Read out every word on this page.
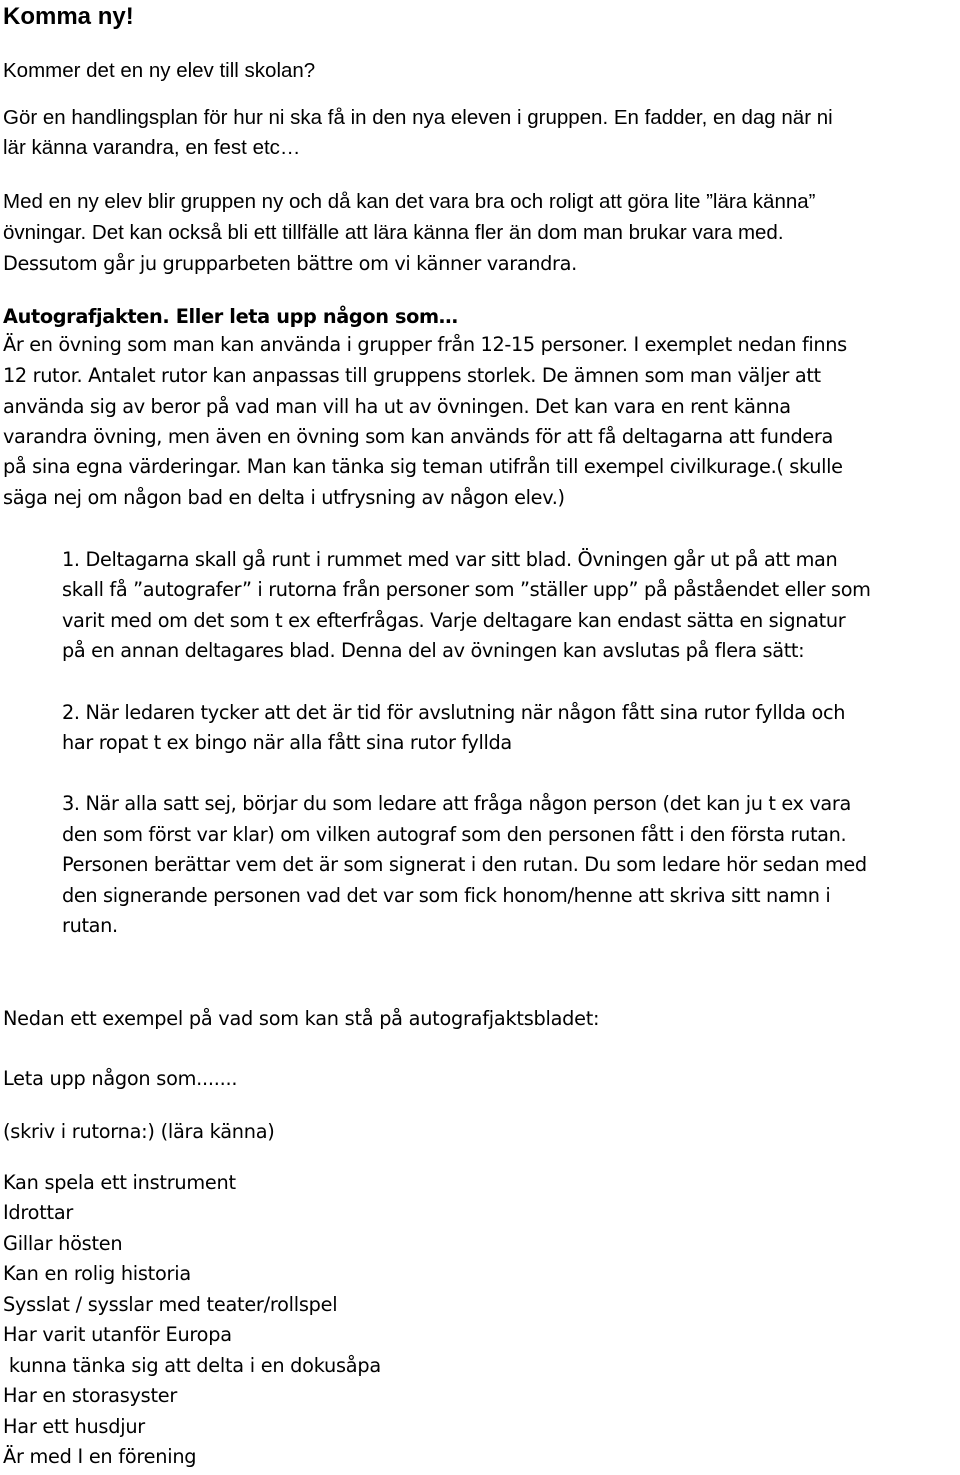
Komma ny!
Kommer det en ny elev till skolan?
Gör en handlingsplan för hur ni ska få in den nya eleven i gruppen. En fadder, en dag när ni
lär känna varandra, en fest etc…
Med en ny elev blir gruppen ny och då kan det vara bra och roligt att göra lite ”lära känna”
övningar. Det kan också bli ett tillfälle att lära känna fler än dom man brukar vara med.
Dessutom går ju grupparbeten bättre om vi känner varandra.
Autografjakten. Eller leta upp någon som…
Är en övning som man kan använda i grupper från 12-15 personer. I exemplet nedan finns
12 rutor. Antalet rutor kan anpassas till gruppens storlek. De ämnen som man väljer att
använda sig av beror på vad man vill ha ut av övningen. Det kan vara en rent känna
varandra övning, men även en övning som kan används för att få deltagarna att fundera
på sina egna värderingar. Man kan tänka sig teman utifrån till exempel civilkurage.( skulle
säga nej om någon bad en delta i utfrysning av någon elev.)
1. Deltagarna skall gå runt i rummet med var sitt blad. Övningen går ut på att man
skall få ”autografer” i rutorna från personer som ”ställer upp” på påståendet eller som
varit med om det som t ex efterfrågas. Varje deltagare kan endast sätta en signatur
på en annan deltagares blad. Denna del av övningen kan avslutas på flera sätt:
2. När ledaren tycker att det är tid för avslutning när någon fått sina rutor fyllda och
har ropat t ex bingo när alla fått sina rutor fyllda
3. När alla satt sej, börjar du som ledare att fråga någon person (det kan ju t ex vara
den som först var klar) om vilken autograf som den personen fått i den första rutan.
Personen berättar vem det är som signerat i den rutan. Du som ledare hör sedan med
den signerande personen vad det var som fick honom/henne att skriva sitt namn i
rutan.
Nedan ett exempel på vad som kan stå på autografjaktsbladet:
Leta upp någon som.......
(skriv i rutorna:) (lära känna)
Kan spela ett instrument
Idrottar
Gillar hösten
Kan en rolig historia
Sysslat / sysslar med teater/rollspel
Har varit utanför Europa
kunna tänka sig att delta i en dokusåpa
Har en storasyster
Har ett husdjur
Är med I en förening
